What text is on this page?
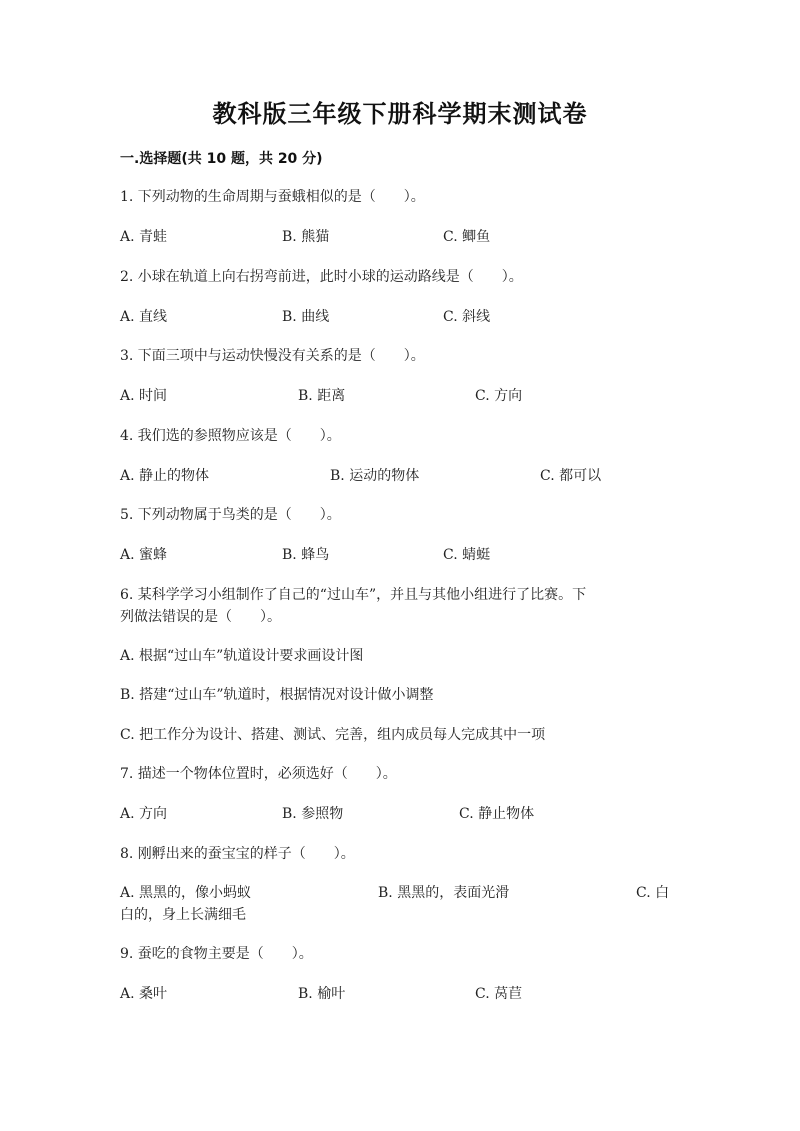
教科版三年级下册科学期末测试卷
一.选择题(共 10 题，共 20 分)
1. 下列动物的生命周期与蚕蛾相似的是（　　）。
A. 青蛙	B. 熊猫	C. 鲫鱼
2. 小球在轨道上向右拐弯前进，此时小球的运动路线是（　　）。
A. 直线	B. 曲线	C. 斜线
3. 下面三项中与运动快慢没有关系的是（　　）。
A. 时间	B. 距离	C. 方向
4. 我们选的参照物应该是（　　）。
A. 静止的物体	B. 运动的物体	C. 都可以
5. 下列动物属于鸟类的是（　　）。
A. 蜜蜂	B. 蜂鸟	C. 蜻蜓
6. 某科学学习小组制作了自己的“过山车”，并且与其他小组进行了比赛。下
列做法错误的是（　　）。
A. 根据“过山车”轨道设计要求画设计图
B. 搭建“过山车”轨道时，根据情况对设计做小调整
C. 把工作分为设计、搭建、测试、完善，组内成员每人完成其中一项
7. 描述一个物体位置时，必须选好（　　）。
A. 方向	B. 参照物	C. 静止物体
8. 刚孵出来的蚕宝宝的样子（　　）。
A. 黑黑的，像小蚂蚁	B. 黑黑的，表面光滑	C. 白
白的，身上长满细毛
9. 蚕吃的食物主要是（　　）。
A. 桑叶	B. 榆叶	C. 莴苣
